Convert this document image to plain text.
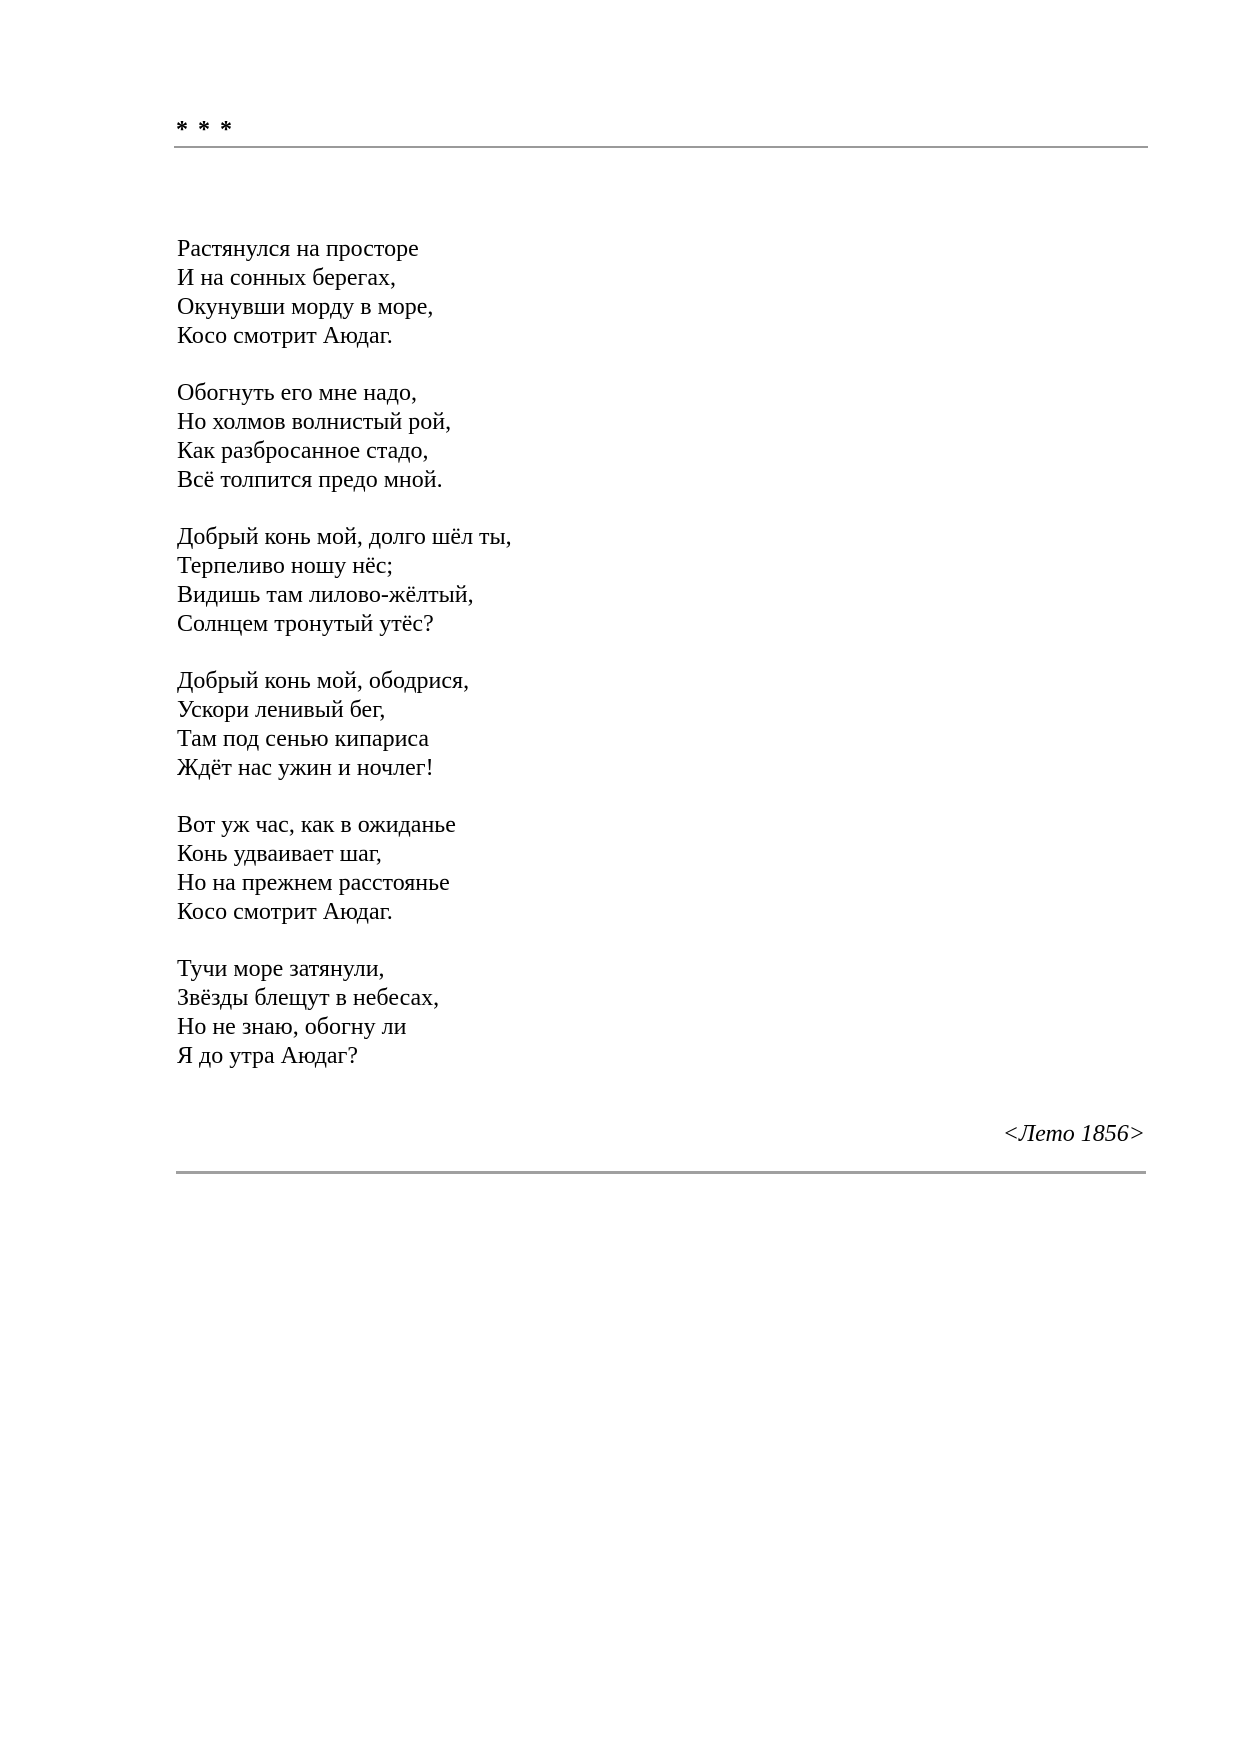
* * *
Растянулся на просторе
И на сонных берегах,
Окунувши морду в море,
Косо смотрит Аюдаг.
Обогнуть его мне надо,
Но холмов волнистый рой,
Как разбросанное стадо,
Всё толпится предо мной.
Добрый конь мой, долго шёл ты,
Терпеливо ношу нёс;
Видишь там лилово-жёлтый,
Солнцем тронутый утёс?
Добрый конь мой, ободрися,
Ускори ленивый бег,
Там под сенью кипариса
Ждёт нас ужин и ночлег!
Вот уж час, как в ожиданье
Конь удваивает шаг,
Но на прежнем расстоянье
Косо смотрит Аюдаг.
Тучи море затянули,
Звёзды блещут в небесах,
Но не знаю, обогну ли
Я до утра Аюдаг?
<Лето 1856>
